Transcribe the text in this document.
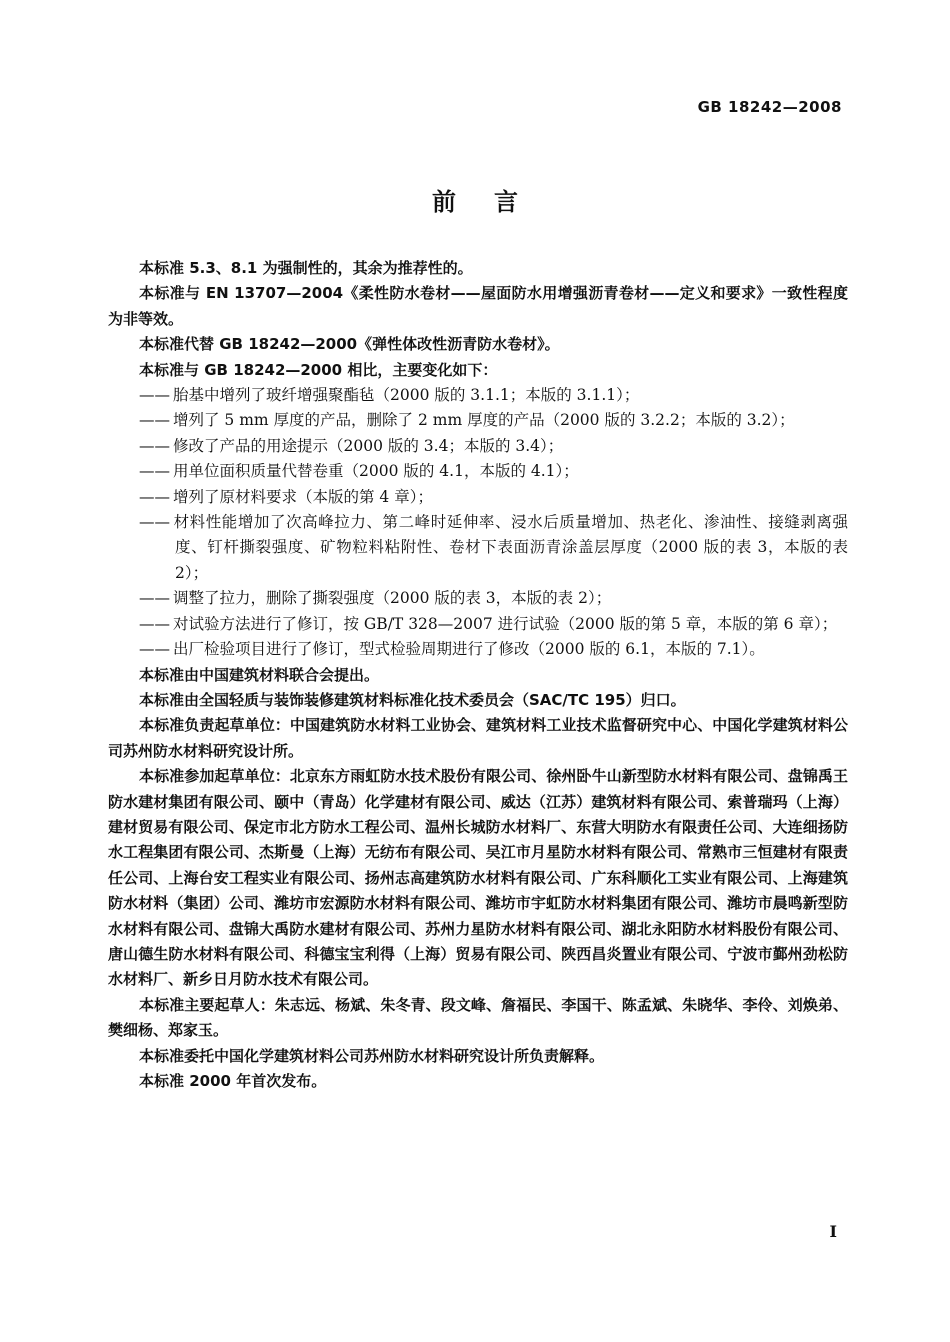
GB 18242—2008
前言

本标准 5.3、8.1 为强制性的，其余为推荐性的。

本标准与 EN 13707—2004《柔性防水卷材——屋面防水用增强沥青卷材——定义和要求》一致性程度为非等效。

本标准代替 GB 18242—2000《弹性体改性沥青防水卷材》。

本标准与 GB 18242—2000 相比，主要变化如下：

—— 胎基中增列了玻纤增强聚酯毡（2000 版的 3.1.1；本版的 3.1.1）；

—— 增列了 5 mm 厚度的产品，删除了 2 mm 厚度的产品（2000 版的 3.2.2；本版的 3.2）；

—— 修改了产品的用途提示（2000 版的 3.4；本版的 3.4）；

—— 用单位面积质量代替卷重（2000 版的 4.1，本版的 4.1）；

—— 增列了原材料要求（本版的第 4 章）；

—— 材料性能增加了次高峰拉力、第二峰时延伸率、浸水后质量增加、热老化、渗油性、接缝剥离强度、钉杆撕裂强度、矿物粒料粘附性、卷材下表面沥青涂盖层厚度（2000 版的表 3，本版的表 2）；

—— 调整了拉力，删除了撕裂强度（2000 版的表 3，本版的表 2）；

—— 对试验方法进行了修订，按 GB/T 328—2007 进行试验（2000 版的第 5 章，本版的第 6 章）；

—— 出厂检验项目进行了修订，型式检验周期进行了修改（2000 版的 6.1，本版的 7.1）。

本标准由中国建筑材料联合会提出。

本标准由全国轻质与装饰装修建筑材料标准化技术委员会（SAC/TC 195）归口。

本标准负责起草单位：中国建筑防水材料工业协会、建筑材料工业技术监督研究中心、中国化学建筑材料公司苏州防水材料研究设计所。

本标准参加起草单位：北京东方雨虹防水技术股份有限公司、徐州卧牛山新型防水材料有限公司、盘锦禹王防水建材集团有限公司、颐中（青岛）化学建材有限公司、威达（江苏）建筑材料有限公司、索普瑞玛（上海）建材贸易有限公司、保定市北方防水工程公司、温州长城防水材料厂、东营大明防水有限责任公司、大连细扬防水工程集团有限公司、杰斯曼（上海）无纺布有限公司、吴江市月星防水材料有限公司、常熟市三恒建材有限责任公司、上海台安工程实业有限公司、扬州志高建筑防水材料有限公司、广东科顺化工实业有限公司、上海建筑防水材料（集团）公司、潍坊市宏源防水材料有限公司、潍坊市宇虹防水材料集团有限公司、潍坊市晨鸣新型防水材料有限公司、盘锦大禹防水建材有限公司、苏州力星防水材料有限公司、湖北永阳防水材料股份有限公司、唐山德生防水材料有限公司、科德宝宝利得（上海）贸易有限公司、陕西昌炎置业有限公司、宁波市鄞州劲松防水材料厂、新乡日月防水技术有限公司。

本标准主要起草人：朱志远、杨斌、朱冬青、段文峰、詹福民、李国干、陈孟斌、朱晓华、李伶、刘焕弟、樊细杨、郑家玉。

本标准委托中国化学建筑材料公司苏州防水材料研究设计所负责解释。

本标准 2000 年首次发布。

I
